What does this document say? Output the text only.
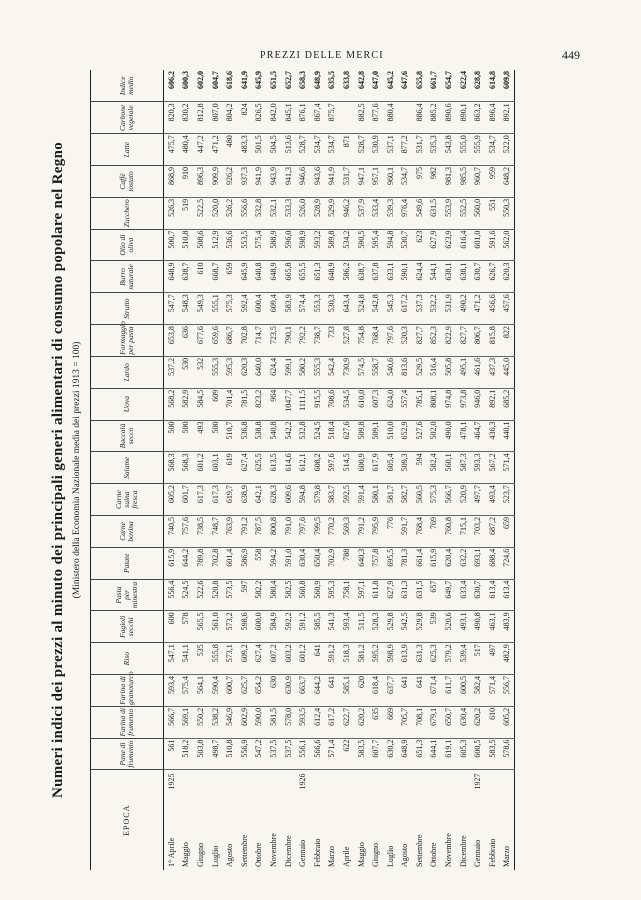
PREZZI DELLE MERCI	449
Numeri indici dei prezzi al minuto dei principali generi alimentari di consumo popolare nel Regno (Ministero della Economia Nazionale media dei prezzi 1913 = 100)
EPOCA	Pane di frumento	Farina di frumento	Farina di granoturco	Riso	Fagioli secchi	Pasta per minestra	Patate	Carne bovina	Carne suina fresca	Salame	Baccalà secco	Uova	Lardo	Formaggio per pasta	Strutto	Burro naturale	Olio di oliva	Zucchero	Caffè tostato	Latte	Carbone vegetale	Indice medio

1925
1° Aprile	561	566,7	593,4	547,1	600	556,4	615,9	740,5	605,2	568,3	500	568,2	537,2	653,8	547,7	648,9	500,7	526,3	868,9	475,7	820,3	606,2

Maggio	518,2	569,1	575,4	541,1	578	524,5	644,2	757,6	601,7	568,3	500	582,9	530	636	548,3	638,7	510,8	519	910	480,4	830,2	600,3

Giugno	503,8	550,2	564,1	535	565,5	522,6	789,8	738,5	617,3	601,2	493	584,5	532	677,6	549,3	610	508,6	522,5	896,3	447,2	812,8	602,0

Luglio	498,7	538,2	590,4	555,8	561,0	520,8	702,8	748,7	617,3	603,1	500	609	555,3	659,6	555,1	668,7	512,9	520,0	909,9	471,2	807,0	604,7

Agosto	510,8	546,9	600,7	573,1	573,2	573,5	601,4	763,9	619,7	619	510,7	701,4	595,3	686,7	575,3	659	536,6	526,2	926,2	480	804,2	618,6

Settembre	556,9	602,9	625,7	609,2	598,6	597	586,9	791,2	638,9	627,4	536,8	781,5	620,3	702,8	592,4	645,9	553,5	556,6	937,3	483,3	824	641,9

Ottobre	547,2	590,0	654,2	627,4	600,0	582,2	558	787,5	642,1	625,5	538,8	823,2	640,0	714,7	600,4	640,8	575,4	532,8	941,9	501,5	826,5	645,9

Novembre	537,5	581,5	630	607,2	584,9	580,4	594,2	800,8	628,3	613,5	540,8	964	624,4	723,5	609,4	648,9	588,9	532,1	943,9	504,5	842,0	651,5

Dicembre	537,5	578,0	630,9	603,2	592,2	582,5	591,0	791,0	609,6	614,6	542,2	1047,7	599,1	790,1	583,9	665,8	596,0	533,3	941,3	513,6	845,1	652,7

1926
Gennaio	556,1	593,5	663,7	601,2	591,2	560,8	630,4	797,6	594,8	612,1	532,8	1111,5	580,2	792,2	574,4	655,5	598,9	526,0	946,6	528,7	876,1	658,3

Febbraio	566,6	612,4	644,2	641	585,5	560,9	650,4	799,5	579,8	608,2	524,5	915,5	555,3	738,7	553,3	651,3	593,2	528,9	943,6	534,7	867,4	648,9

Marzo	571,4	617,2	641	591,2	541,3	595,3	702,9	770,2	583,7	597,6	518,4	708,6	542,4	733	530,3	648,9	589,8	529,9	941,9	534,7	875,7	635,5

Aprile	622	622,7	585,1	518,3	593,4	758,1	788	569,3	592,5	514,5	627,6	534,5	730,9	527,8	643,4	586,2	534,2	946,2	531,7	871		633,8

Maggio	583,5	620,2	620	581,2	511,5	597,1	640,3	791,2	591,4	600,9	509,8	610,0	574,5	754,8	524,8	638,7	590,5	537,9	947,1	528,7	882,5	642,8

Giugno	607,7	635	618,4	595,2	528,3	611,8	757,8	795,9	580,1	617,9	509,1	607,3	558,7	768,4	542,8	637,8	595,4	533,4	957,1	530,9	877,6	647,0

Luglio	630,2	669	637,7	598,9	529,8	627,9	695,5	776	581,7	605,4	510,0	624,0	540,6	797,6	545,3	633,1	594,8	539,3	960,1	537,1	880,4	645,2

Agosto	648,9	705,7	641	613,9	542,5	631,3	781,3	591,7	582,7	509,3	652,9	557,4	813,6	520,3	617,2	590,1	530,7	976,4	534,7	877,2		647,6

Settembre	651,3	708,1	641	631,3	529,8	631,5	661,4	768,4	560,5	594	527,6	785,1	529,5	827,7	537,3	624,4	623	549,6	975	531,7	886,4	655,8

Ottobre	644,1	679,1	671,4	625,3	539	657	615,9	769	575,3	582,4	502,0	808,1	516,4	852,3	532,2	544,1	627,9	631,5	982	535,3	885,2	661,7

Novembre	619,1	650,7	611,7	579,2	520,6	649,7	620,4	760,8	566,7	560,1	490,0	974,8	505,8	822,9	531,9	638,1	623,9	553,9	981,3	543,8	890,6	654,7

Dicembre	605,3	630,4	600,5	539,4	493,1	633,4	632,2	715,1	520,9	587,3	478,1	973,8	495,1	827,7	490,2	638,1	616,4	552,5	985,5	555,0	890,1	622,4

1927
Gennaio	600,5	620,2	582,4	517	490,8	630,7	693,1	703,2	497,7	593,3	464,7	946,0	461,6	806,7	471,2	630,7	601,0	560,0	960,7	555,9	863,2	628,8

Febbraio	583,5	610	571,4	497	463,1	613,4	688,4	687,2	493,4	567,2	436,3	892,1	437,3	815,8	456,6	626,7	591,6	551	959	534,7	896,4	614,8

Marzo	578,6	605,2	556,7	482,9	483,9	613,4	724,6	659	523,7	571,4	440,1	685,2	445,0	822	457,6	620,3	562,0	550,3	648,2	522,0	892,1	609,8
